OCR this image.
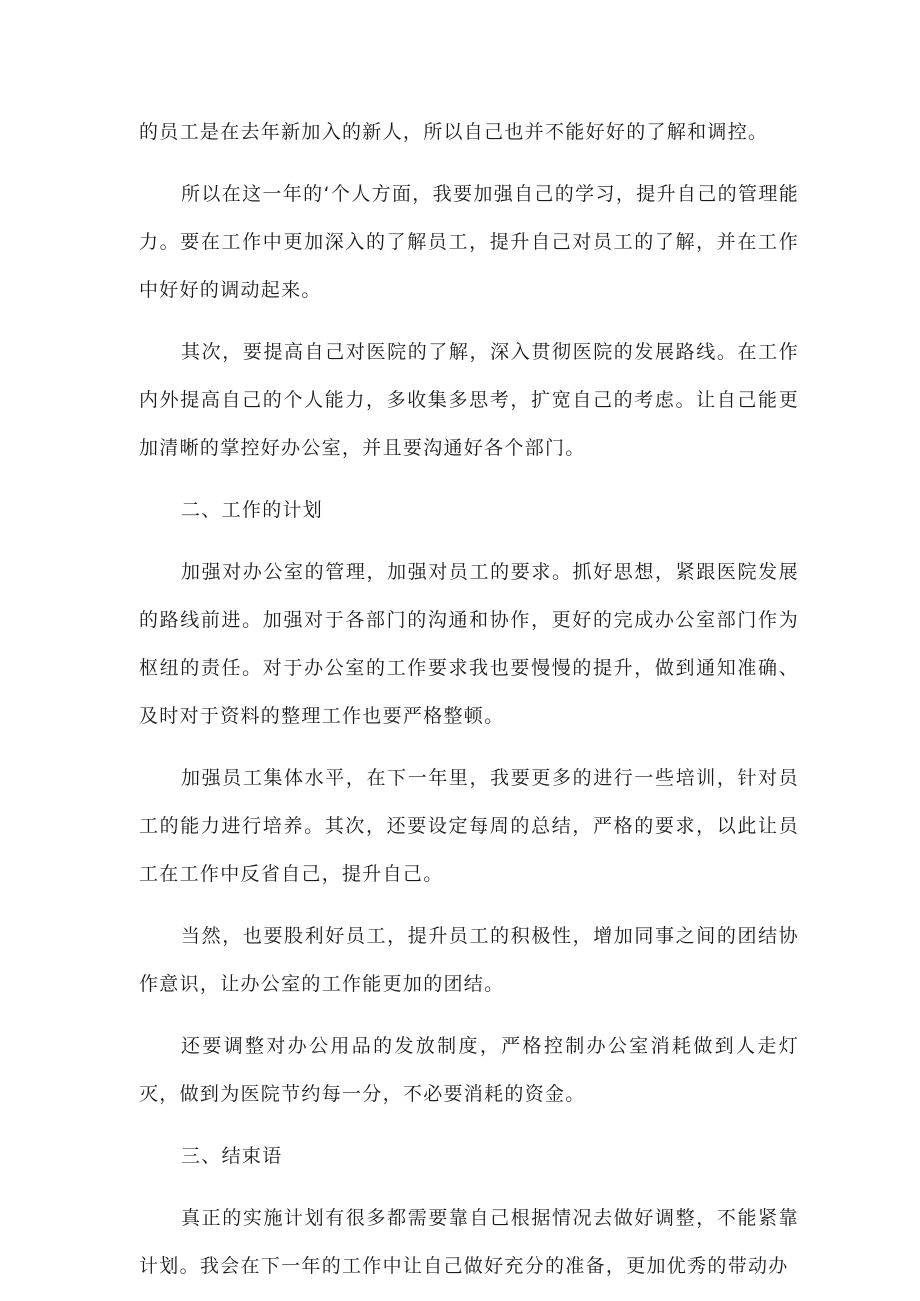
的员工是在去年新加入的新人，所以自己也并不能好好的了解和调控。

所以在这一年的‘个人方面，我要加强自己的学习，提升自己的管理能力。要在工作中更加深入的了解员工，提升自己对员工的了解，并在工作中好好的调动起来。

其次，要提高自己对医院的了解，深入贯彻医院的发展路线。在工作内外提高自己的个人能力，多收集多思考，扩宽自己的考虑。让自己能更加清晰的掌控好办公室，并且要沟通好各个部门。

二、工作的计划

加强对办公室的管理，加强对员工的要求。抓好思想，紧跟医院发展的路线前进。加强对于各部门的沟通和协作，更好的完成办公室部门作为枢纽的责任。对于办公室的工作要求我也要慢慢的提升，做到通知准确、及时对于资料的整理工作也要严格整顿。

加强员工集体水平，在下一年里，我要更多的进行一些培训，针对员工的能力进行培养。其次，还要设定每周的总结，严格的要求，以此让员工在工作中反省自己，提升自己。

当然，也要股利好员工，提升员工的积极性，增加同事之间的团结协作意识，让办公室的工作能更加的团结。

还要调整对办公用品的发放制度，严格控制办公室消耗做到人走灯灭，做到为医院节约每一分，不必要消耗的资金。

三、结束语

真正的实施计划有很多都需要靠自己根据情况去做好调整，不能紧靠计划。我会在下一年的工作中让自己做好充分的准备，更加优秀的带动办
